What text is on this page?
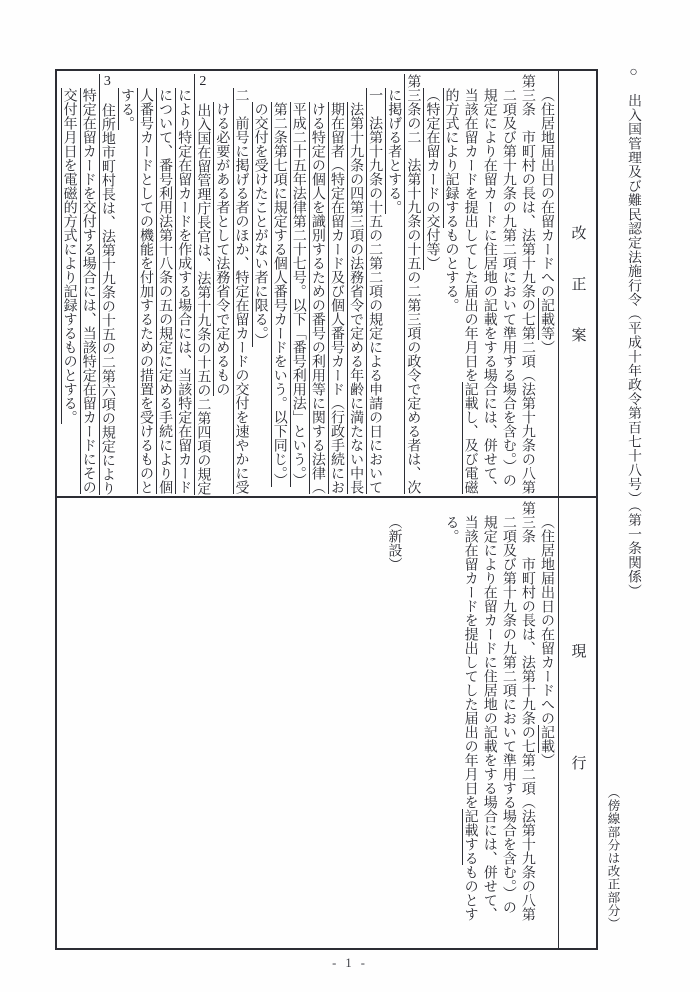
○　出入国管理及び難民認定法施行令（平成十年政令第百七十八号）（第一条関係）
（傍線部分は改正部分）
改正案
（住居地届出日の在留カードへの記載等）
第三条　市町村の長は、法第十九条の七第二項（法第十九条の八第
二項及び第十九条の九第二項において準用する場合を含む。）の
規定により在留カードに住居地の記載をする場合には、併せて、
当該在留カードを提出してした届出の年月日を記載し、及び電磁
的方式により記録するものとする。
（特定在留カードの交付等）
第三条の二　法第十九条の十五の二第三項の政令で定める者は、次
に掲げる者とする。
一　法第十九条の十五の二第二項の規定による申請の日において
法第十九条の四第三項の法務省令で定める年齢に満たない中長
期在留者（特定在留カード及び個人番号カード（行政手続にお
ける特定の個人を識別するための番号の利用等に関する法律（
平成二十五年法律第二十七号。以下「番号利用法」という。）
第二条第七項に規定する個人番号カードをいう。以下同じ。）
の交付を受けたことがない者に限る。）
二　前号に掲げる者のほか、特定在留カードの交付を速やかに受
ける必要がある者として法務省令で定めるもの
2　出入国在留管理庁長官は、法第十九条の十五の二第四項の規定
により特定在留カードを作成する場合には、当該特定在留カード
について、番号利用法第十八条の五の規定に定める手続により個
人番号カードとしての機能を付加するための措置を受けるものと
する。
3　住所地市町村長は、法第十九条の十五の二第六項の規定により
特定在留カードを交付する場合には、当該特定在留カードにその
交付年月日を電磁的方式により記録するものとする。
現行
（住居地届出日の在留カードへの記載）
第三条　市町村の長は、法第十九条の七第二項（法第十九条の八第
二項及び第十九条の九第二項において準用する場合を含む。）の
規定により在留カードに住居地の記載をする場合には、併せて、
当該在留カードを提出してした届出の年月日を記載するものとす
る。
（新設）
- 1 -
